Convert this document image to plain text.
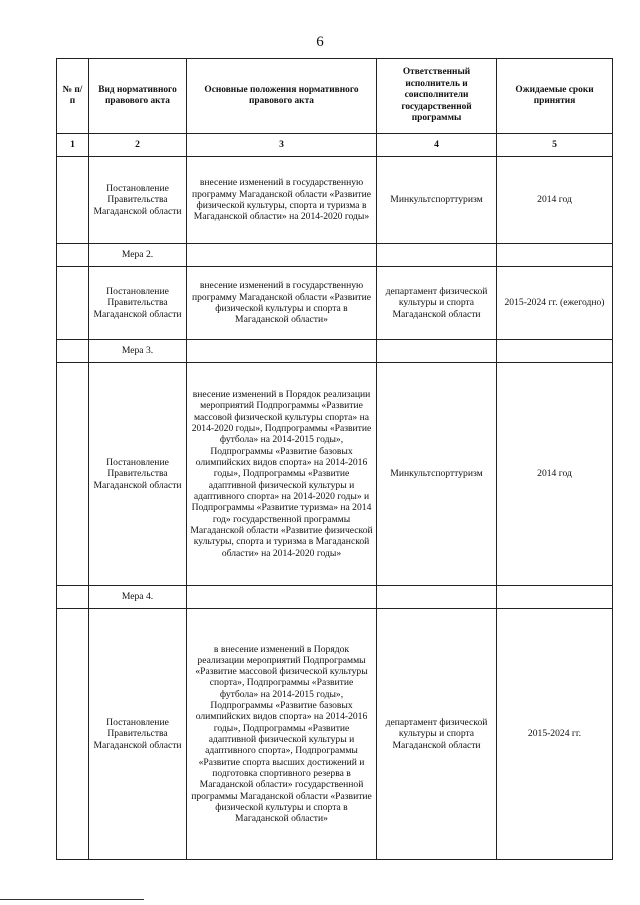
6
№ п/п	Вид нормативного правового акта	Основные положения нормативного правового акта	Ответственный исполнитель и соисполнители государственной программы	Ожидаемые сроки принятия
1	2	3	4	5
	Постановление Правительства Магаданской области	внесение изменений в государственную программу Магаданской области «Развитие физической культуры, спорта и туризма в Магаданской области» на 2014-2020 годы»	Минкультспорттуризм	2014 год
	Мера 2.			
	Постановление Правительства Магаданской области	внесение изменений в государственную программу Магаданской области «Развитие физической культуры и спорта в Магаданской области»	департамент физической культуры и спорта Магаданской области	2015-2024 гг. (ежегодно)
	Мера 3.			
	Постановление Правительства Магаданской области	внесение изменений в Порядок реализации мероприятий Подпрограммы «Развитие массовой физической культуры спорта» на 2014-2020 годы», Подпрограммы «Развитие футбола» на 2014-2015 годы», Подпрограммы «Развитие базовых олимпийских видов спорта» на 2014-2016 годы», Подпрограммы «Развитие адаптивной физической культуры и адаптивного спорта» на 2014-2020 годы» и Подпрограммы «Развитие туризма» на 2014 год» государственной программы Магаданской области «Развитие физической культуры, спорта и туризма в Магаданской области» на 2014-2020 годы»	Минкультспорттуризм	2014 год
	Мера 4.			
	Постановление Правительства Магаданской области	в внесение изменений в Порядок реализации мероприятий Подпрограммы «Развитие массовой физической культуры спорта», Подпрограммы «Развитие футбола» на 2014-2015 годы», Подпрограммы «Развитие базовых олимпийских видов спорта» на 2014-2016 годы», Подпрограммы «Развитие адаптивной физической культуры и адаптивного спорта», Подпрограммы «Развитие спорта высших достижений и подготовка спортивного резерва в Магаданской области» государственной программы Магаданской области «Развитие физической культуры и спорта в Магаданской области»	департамент физической культуры и спорта Магаданской области	2015-2024 гг.
